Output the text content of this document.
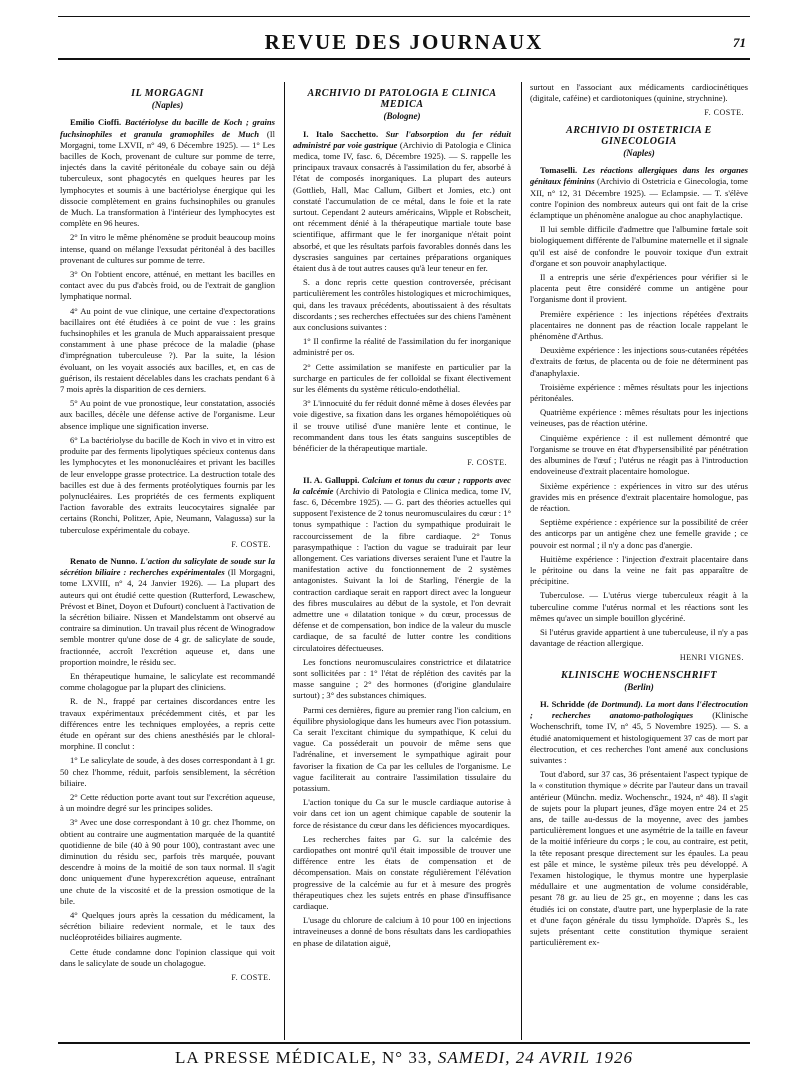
REVUE DES JOURNAUX	71
IL MORGAGNI
(Naples)

Emilio Cioffi. Bactériolyse du bacille de Koch ; grains fuchsinophiles et granula gramophiles de Much (Il Morgagni, tome LXVII, n° 49, 6 Décembre 1925). — 1° Les bacilles de Koch, provenant de culture sur pomme de terre, injectés dans la cavité péritonéale du cobaye sain ou déjà tuberculeux, sont phagocytés en quelques heures par les lymphocytes et soumis à une bactériolyse énergique qui les dissocie complètement en grains fuchsinophiles ou granules de Much. La transformation à l'intérieur des lymphocytes est complète en 96 heures.

2° In vitro le même phénomène se produit beaucoup moins intense, quand on mélange l'exsudat péritonéal à des bacilles provenant de cultures sur pomme de terre.

3° On l'obtient encore, atténué, en mettant les bacilles en contact avec du pus d'abcès froid, ou de l'extrait de ganglion lymphatique normal.

4° Au point de vue clinique, une certaine d'expectorations bacillaires ont été étudiées à ce point de vue : les grains fuchsinophiles et les granula de Much apparaissaient presque constamment à une phase précoce de la maladie (phase d'imprégnation tuberculeuse ?). Par la suite, la lésion évoluant, on les voyait associés aux bacilles, et, en cas de guérison, ils restaient décelables dans les crachats pendant 6 à 7 mois après la disparition de ces derniers.

5° Au point de vue pronostique, leur constatation, associés aux bacilles, décèle une défense active de l'organisme. Leur absence implique une signification inverse.

6° La bactériolyse du bacille de Koch in vivo et in vitro est produite par des ferments lipolytiques spécieux contenus dans les lymphocytes et les mononucléaires et privant les bacilles de leur enveloppe grasse protectrice. La destruction totale des bacilles est due à des ferments protéolytiques fournis par les polynucléaires. Les propriétés de ces ferments expliquent l'action favorable des extraits leucocytaires signalée par certains (Ronchi, Politzer, Apie, Neumann, Valagussa) sur la tuberculose expérimentale du cobaye.

F. COSTE.

Renato de Nunno. L'action du salicylate de soude sur la sécrétion biliaire : recherches expérimentales (Il Morgagni, tome LXVIII, n° 4, 24 Janvier 1926). — La plupart des auteurs qui ont étudié cette question (Rutterford, Lewaschew, Prévost et Binet, Doyon et Dufourt) concluent à l'activation de la sécrétion biliaire. Nissen et Mandelstamm ont observé au contraire sa diminution. Un travail plus récent de Winogradow semble montrer qu'une dose de 4 gr. de salicylate de soude, fractionnée, accroît l'excrétion aqueuse et, dans une proportion moindre, le résidu sec.

En thérapeutique humaine, le salicylate est recommandé comme cholagogue par la plupart des cliniciens.

R. de N., frappé par certaines discordances entre les travaux expérimentaux précédemment cités, et par les différences entre les techniques employées, a repris cette étude en opérant sur des chiens anesthésiés par le chloral-morphine. Il conclut :

1° Le salicylate de soude, à des doses correspondant à 1 gr. 50 chez l'homme, réduit, parfois sensiblement, la sécrétion biliaire.

2° Cette réduction porte avant tout sur l'excrétion aqueuse, à un moindre degré sur les principes solides.

3° Avec une dose correspondant à 10 gr. chez l'homme, on obtient au contraire une augmentation marquée de la quantité quotidienne de bile (40 à 90 pour 100), contrastant avec une diminution du résidu sec, parfois très marquée, pouvant descendre à moins de la moitié de son taux normal. Il s'agit donc uniquement d'une hyperexcrétion aqueuse, entraînant une chute de la viscosité et de la pression osmotique de la bile.

4° Quelques jours après la cessation du médicament, la sécrétion biliaire redevient normale, et le taux des nucléoprotéides biliaires augmente.

Cette étude condamne donc l'opinion classique qui voit dans le salicylate de soude un cholagogue.

F. COSTE.
ARCHIVIO DI PATOLOGIA E CLINICA MEDICA
(Bologne)

I. Italo Sacchetto. Sur l'absorption du fer réduit administré par voie gastrique (Archivio di Patologia e Clinica medica, tome IV, fasc. 6, Décembre 1925). — S. rappelle les principaux travaux consacrés à l'assimilation du fer, absorbé à l'état de composés inorganiques. La plupart des auteurs (Gottlieb, Hall, Mac Callum, Gilbert et Jomies, etc.) ont constaté l'accumulation de ce métal, dans le foie et la rate surtout. Cependant 2 auteurs américains, Wipple et Robscheit, ont récemment dénié à la thérapeutique martiale toute base scientifique, affirmant que le fer inorganique n'était point absorbé, et que les résultats parfois favorables donnés dans les dyscrasies sanguines par certaines préparations organiques étaient dus à de tout autres causes qu'à leur teneur en fer.

S. a donc repris cette question controversée, précisant particulièrement les contrôles histologiques et microchimiques, qui, dans les travaux précédents, aboutissaient à des résultats discordants ; ses recherches effectuées sur des chiens l'amènent aux conclusions suivantes :

1° Il confirme la réalité de l'assimilation du fer inorganique administré per os.

2° Cette assimilation se manifeste en particulier par la surcharge en particules de fer colloïdal se fixant électivement sur les éléments du système réticulo-endothélial.

3° L'innocuité du fer réduit donné même à doses élevées par voie digestive, sa fixation dans les organes hémopoïétiques où il se trouve utilisé d'une manière lente et continue, le recommandent dans tous les états sanguins susceptibles de bénéficier de la thérapeutique martiale.

F. COSTE.

II. A. Galluppi. Calcium et tonus du cœur ; rapports avec la calcémie (Archivio di Patologia e Clinica medica, tome IV, fasc. 6, Décembre 1925). — G. part des théories actuelles qui supposent l'existence de 2 tonus neuromusculaires du cœur : 1° tonus sympathique : l'action du sympathique produirait le raccourcissement de la fibre cardiaque. 2° Tonus parasympathique : l'action du vague se traduirait par leur allongement. Ces variations diverses seraient l'une et l'autre la manifestation active du fonctionnement de 2 systèmes antagonistes. Suivant la loi de Starling, l'énergie de la contraction cardiaque serait en rapport direct avec la longueur des fibres musculaires au début de la systole, et l'on devrait admettre une « dilatation tonique » du cœur, processus de défense et de compensation, bon indice de la valeur du muscle cardiaque, de sa faculté de lutter contre les conditions circulatoires défectueuses.

Les fonctions neuromusculaires constrictrice et dilatatrice sont sollicitées par : 1° l'état de réplétion des cavités par la masse sanguine ; 2° des hormones (d'origine glandulaire surtout) ; 3° des substances chimiques.

Parmi ces dernières, figure au premier rang l'ion calcium, en équilibre physiologique dans les humeurs avec l'ion potassium. Ca serait l'excitant chimique du sympathique, K celui du vague. Ca posséderait un pouvoir de même sens que l'adrénaline, et inversement le sympathique agirait pour favoriser la fixation de Ca par les cellules de l'organisme. Le vague faciliterait au contraire l'assimilation tissulaire du potassium.

L'action tonique du Ca sur le muscle cardiaque autorise à voir dans cet ion un agent chimique capable de soutenir la force de résistance du cœur dans les déficiences myocardiques.

Les recherches faites par G. sur la calcémie des cardiopathes ont montré qu'il était impossible de trouver une différence entre les états de compensation et de décompensation. Mais on constate régulièrement l'élévation progressive de la calcémie au fur et à mesure des progrès thérapeutiques chez les sujets entrés en phase d'insuffisance cardiaque.

L'usage du chlorure de calcium à 10 pour 100 en injections intraveineuses a donné de bons résultats dans les cardiopathies en phase de dilatation aiguë,

surtout en l'associant aux médicaments cardiocinétiques (digitale, caféine) et cardiotoniques (quinine, strychnine).

F. COSTE.
ARCHIVIO DI OSTETRICIA E GINECOLOGIA
(Naples)

Tomaselli. Les réactions allergiques dans les organes génitaux féminins (Archivio di Ostetricia e Ginecologia, tome XII, n° 12, 31 Décembre 1925). — Eclampsie. — T. s'élève contre l'opinion des nombreux auteurs qui ont fait de la crise éclamptique un phénomène analogue au choc anaphylactique.

Il lui semble difficile d'admettre que l'albumine fœtale soit biologiquement différente de l'albumine maternelle et il signale qu'il est aisé de confondre le pouvoir toxique d'un extrait d'organe et son pouvoir anaphylactique.

Il a entrepris une série d'expériences pour vérifier si le placenta peut être considéré comme un antigène pour l'organisme dont il provient.

Première expérience : les injections répétées d'extraits placentaires ne donnent pas de réaction locale rappelant le phénomène d'Arthus.

Deuxième expérience : les injections sous-cutanées répétées d'extraits de fœtus, de placenta ou de foie ne déterminent pas d'anaphylaxie.

Troisième expérience : mêmes résultats pour les injections péritonéales.

Quatrième expérience : mêmes résultats pour les injections veineuses, pas de réaction utérine.

Cinquième expérience : il est nullement démontré que l'organisme se trouve en état d'hypersensibilité par pénétration des albumines de l'œuf ; l'utérus ne réagit pas à l'introduction endoveineuse d'extrait placentaire homologue.

Sixième expérience : expériences in vitro sur des utérus gravides mis en présence d'extrait placentaire homologue, pas de réaction.

Septième expérience : expérience sur la possibilité de créer des anticorps par un antigène chez une femelle gravide ; ce pouvoir est normal ; il n'y a donc pas d'anergie.

Huitième expérience : l'injection d'extrait placentaire dans le péritoine ou dans la veine ne fait pas apparaître de précipitine.

Tuberculose. — L'utérus vierge tuberculeux réagit à la tuberculine comme l'utérus normal et les réactions sont les mêmes qu'avec un simple bouillon glycériné.

Si l'utérus gravide appartient à une tuberculeuse, il n'y a pas davantage de réaction allergique.

HENRI VIGNES.
KLINISCHE WOCHENSCHRIFT
(Berlin)

H. Schridde (de Dortmund). La mort dans l'électrocution ; recherches anatomo-pathologiques (Klinische Wochenschrift, tome IV, n° 45, 5 Novembre 1925). — S. a étudié anatomiquement et histologiquement 37 cas de mort par électrocution, et ces recherches l'ont amené aux conclusions suivantes :

Tout d'abord, sur 37 cas, 36 présentaient l'aspect typique de la « constitution thymique » décrite par l'auteur dans un travail antérieur (Münchn. mediz. Wochenschr., 1924, n° 48). Il s'agit de sujets pour la plupart jeunes, d'âge moyen entre 24 et 25 ans, de taille au-dessus de la moyenne, avec des jambes particulièrement longues et une asymétrie de la taille en faveur de la moitié inférieure du corps ; le cou, au contraire, est petit, la tête reposant presque directement sur les épaules. La peau est pâle et mince, le système pileux très peu développé. A l'examen histologique, le thymus montre une hyperplasie médullaire et une augmentation de volume considérable, pesant 78 gr. au lieu de 25 gr., en moyenne ; dans les cas étudiés ici on constate, d'autre part, une hyperplasie de la rate et d'une façon générale du tissu lymphoïde. D'après S., les sujets présentant cette constitution thymique seraient particulièrement ex-

LA PRESSE MÉDICALE, N° 33, SAMEDI, 24 AVRIL 1926
